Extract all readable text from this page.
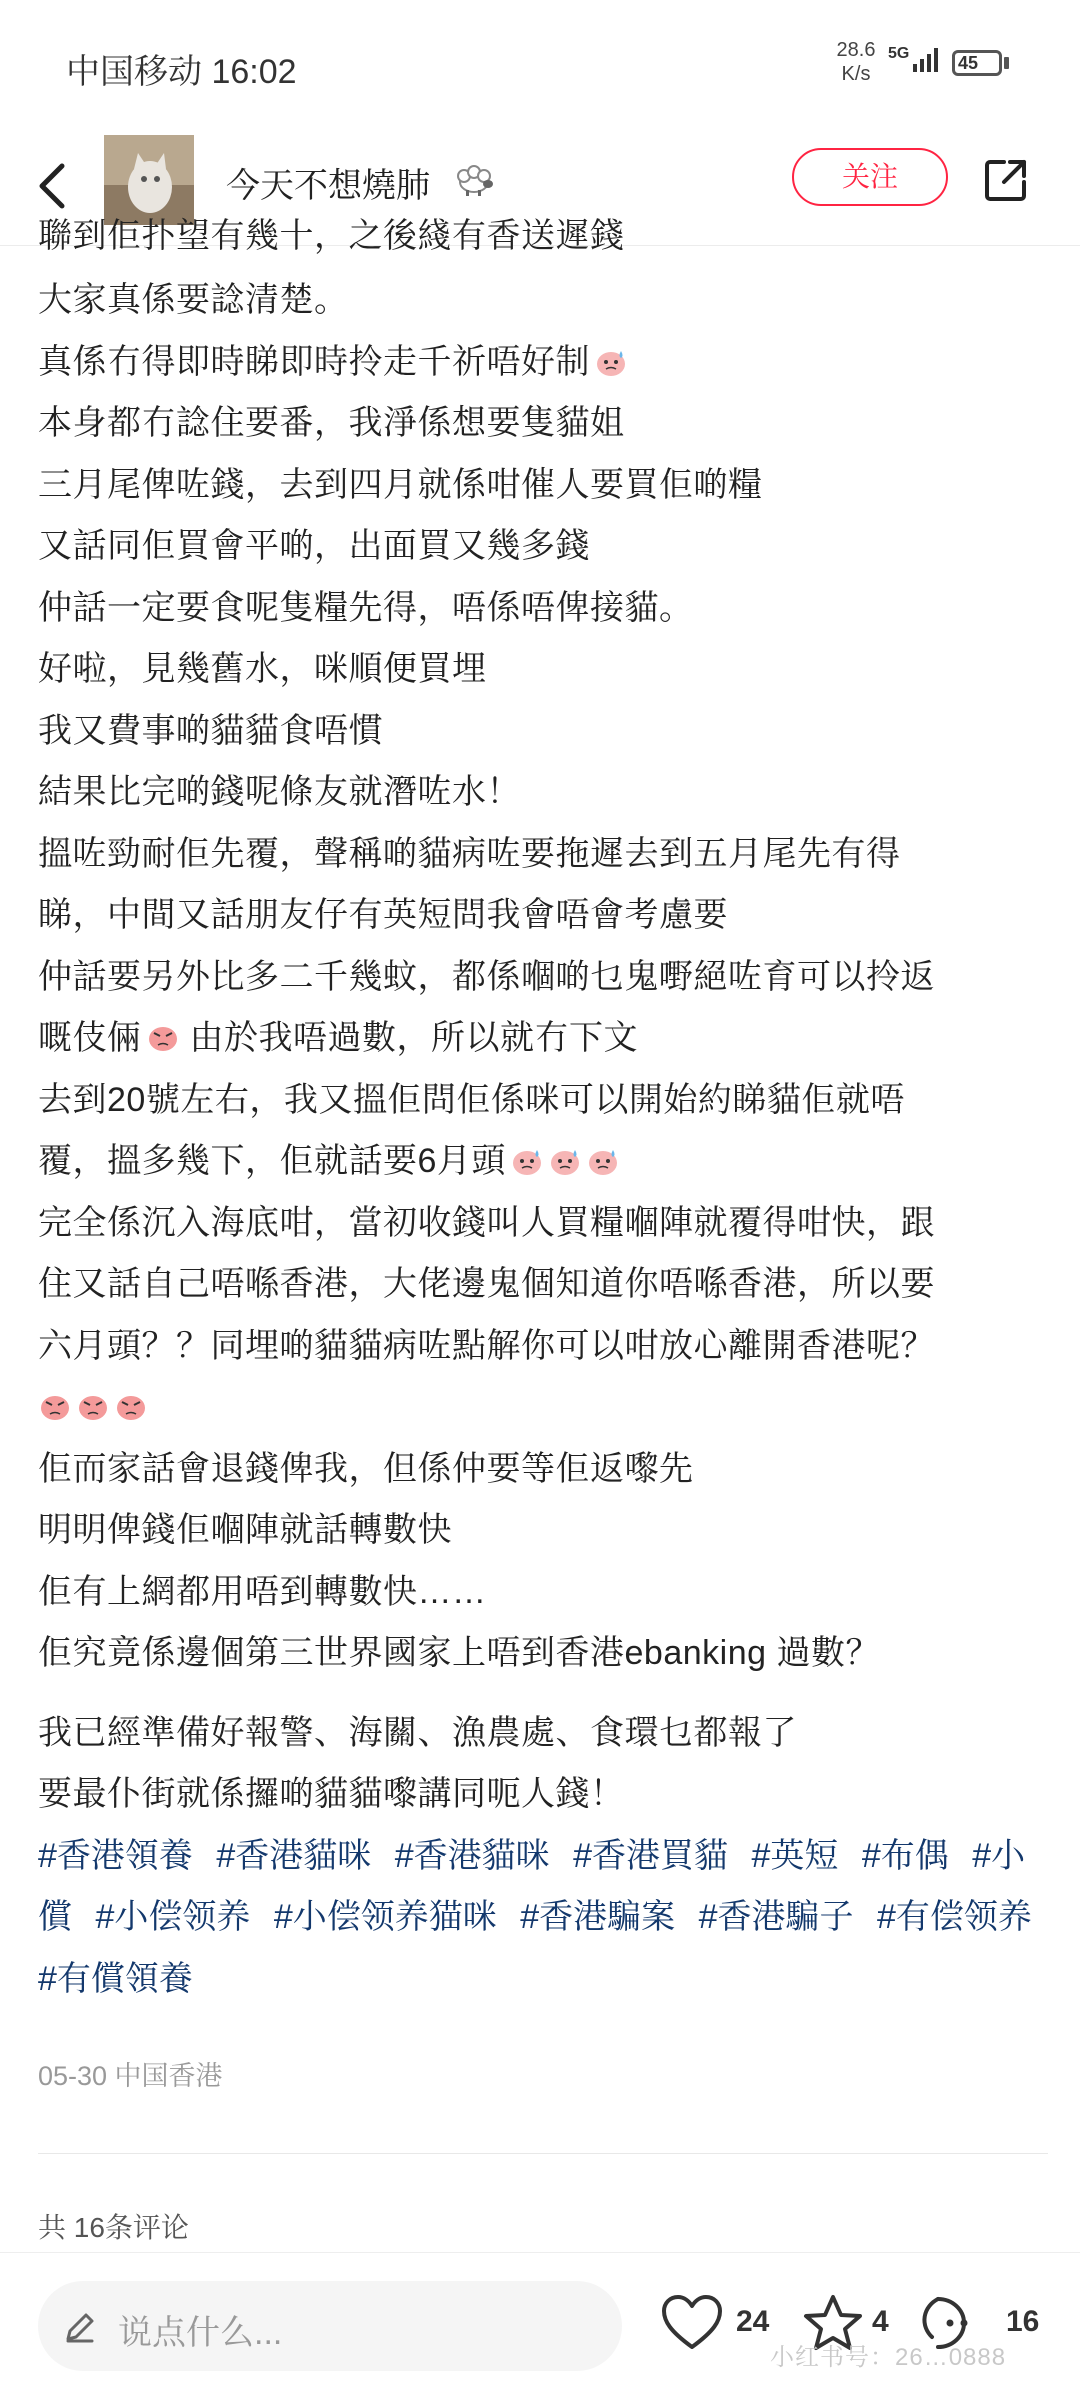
中国移动 16:02
28.6
K/s
5G	45
今天不想燒肺	关注
聯到佢扑望有幾十，之後綫有香送遲錢
大家真係要諗清楚。
真係冇得即時睇即時拎走千祈唔好制
本身都冇諗住要番，我淨係想要隻貓姐
三月尾俾咗錢，去到四月就係咁催人要買佢啲糧
又話同佢買會平啲，出面買又幾多錢
仲話一定要食呢隻糧先得，唔係唔俾接貓。
好啦，見幾舊水，咪順便買埋
我又費事啲貓貓食唔慣
結果比完啲錢呢條友就潛咗水！
搵咗勁耐佢先覆，聲稱啲貓病咗要拖遲去到五月尾先有得
睇，中間又話朋友仔有英短問我會唔會考慮要
仲話要另外比多二千幾蚊，都係嗰啲乜鬼嘢絕咗育可以拎返
嘅伎倆 由於我唔過數，所以就冇下文
去到20號左右，我又搵佢問佢係咪可以開始約睇貓佢就唔
覆，搵多幾下，佢就話要6月頭
完全係沉入海底咁，當初收錢叫人買糧嗰陣就覆得咁快，跟
住又話自己唔喺香港，大佬邊鬼個知道你唔喺香港，所以要
六月頭？？同埋啲貓貓病咗點解你可以咁放心離開香港呢？
佢而家話會退錢俾我，但係仲要等佢返嚟先
明明俾錢佢嗰陣就話轉數快
佢有上網都用唔到轉數快……
佢究竟係邊個第三世界國家上唔到香港ebanking 過數？
我已經準備好報警、海關、漁農處、食環乜都報了
要最仆街就係攞啲貓貓嚟講同呃人錢！
#香港領養 #香港貓咪 #香港貓咪 #香港買貓 #英短 #布偶 #小償 #小偿领养 #小偿领养猫咪 #香港騙案 #香港騙子 #有偿领养 #有償領養
05-30 中国香港
共 16条评论
说点什么...	24	4	16
小红书号：26…0888
